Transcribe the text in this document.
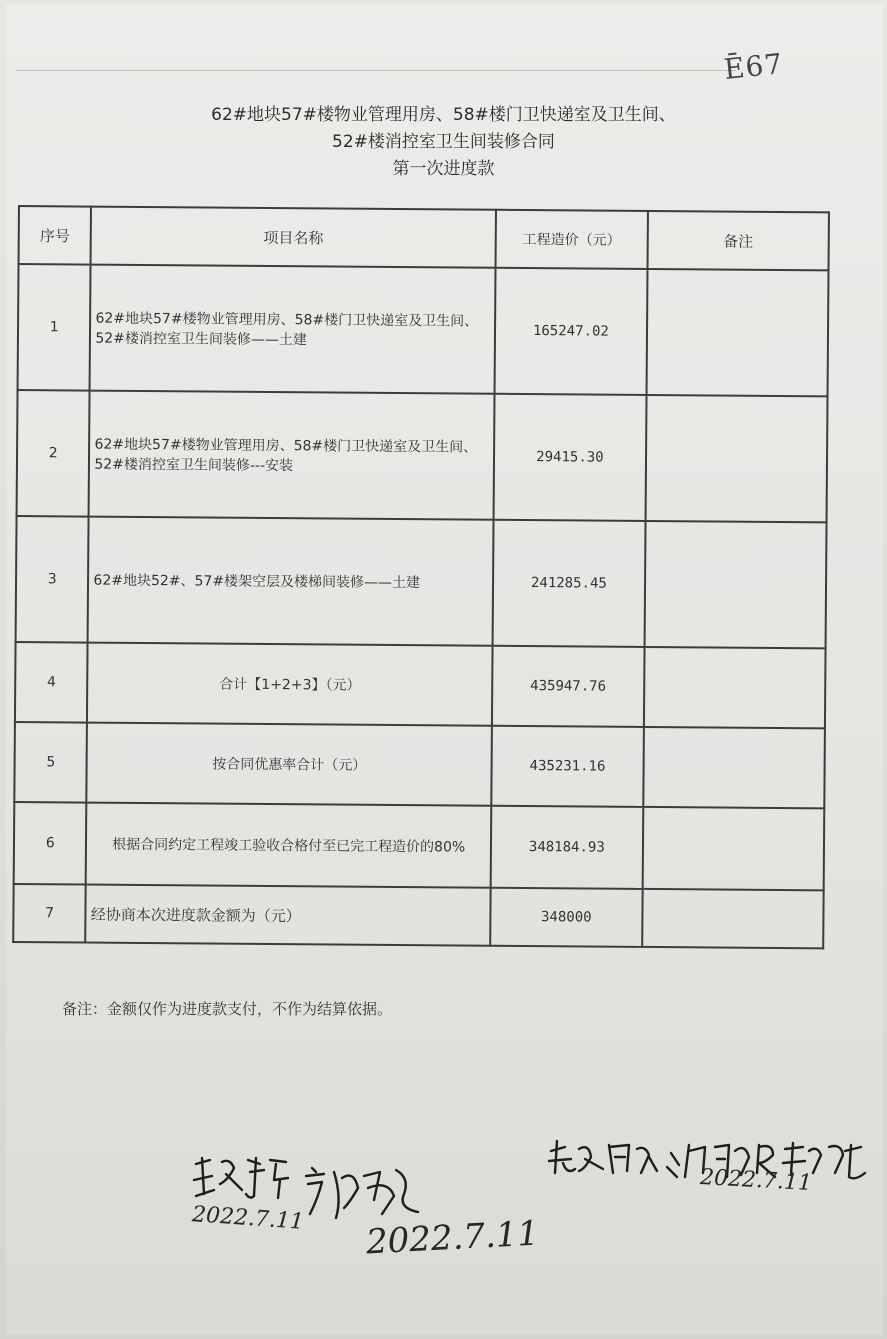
Ē67
62#地块57#楼物业管理用房、58#楼门卫快递室及卫生间、
52#楼消控室卫生间装修合同
第一次进度款
序号	项目名称	工程造价（元）	备注
1	62#地块57#楼物业管理用房、58#楼门卫快递室及卫生间、52#楼消控室卫生间装修——土建	165247.02	
2	62#地块57#楼物业管理用房、58#楼门卫快递室及卫生间、52#楼消控室卫生间装修---安装	29415.30	
3	62#地块52#、57#楼架空层及楼梯间装修——土建	241285.45	
4	合计【1+2+3】（元）	435947.76	
5	按合同优惠率合计（元）	435231.16	
6	根据合同约定工程竣工验收合格付至已完工程造价的80%	348184.93	
7	经协商本次进度款金额为（元）	348000	
备注：金额仅作为进度款支付，不作为结算依据。
2022.7.11 2022.7.11
2022.7.11
